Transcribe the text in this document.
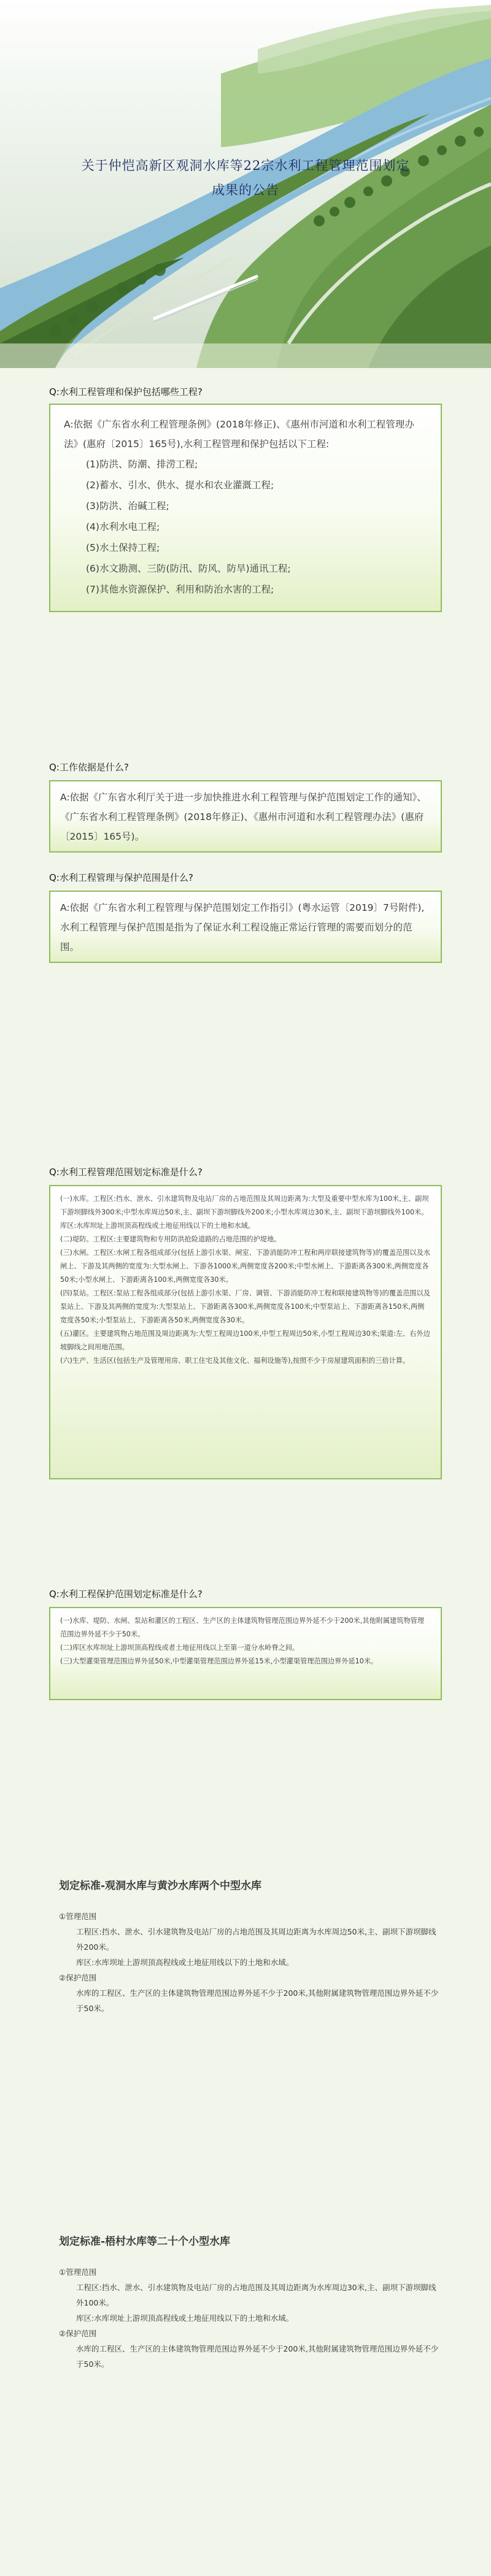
关于仲恺高新区观洞水库等22宗水利工程管理范围划定
成果的公告
Q:水利工程管理和保护包括哪些工程?

A:依据《广东省水利工程管理条例》(2018年修正)、《惠州市河道和水利工程管理办法》(惠府〔2015〕165号),水利工程管理和保护包括以下工程:

(1)防洪、防潮、排涝工程;

(2)蓄水、引水、供水、提水和农业灌溉工程;

(3)防洪、治碱工程;

(4)水利水电工程;

(5)水土保持工程;

(6)水文勘测、三防(防汛、防风、防旱)通讯工程;

(7)其他水资源保护、利用和防治水害的工程;

Q:工作依据是什么?

A:依据《广东省水利厅关于进一步加快推进水利工程管理与保护范围划定工作的通知》、《广东省水利工程管理条例》(2018年修正)、《惠州市河道和水利工程管理办法》(惠府〔2015〕165号)。

Q:水利工程管理与保护范围是什么?

A:依据《广东省水利工程管理与保护范围划定工作指引》(粤水运管〔2019〕7号附件),水利工程管理与保护范围是指为了保证水利工程设施正常运行管理的需要而划分的范围。

Q:水利工程管理范围划定标准是什么?

(一)水库。工程区:挡水、泄水、引水建筑物及电站厂房的占地范围及其周边距离为:大型及重要中型水库为100米,主、副坝下游坝脚线外300米;中型水库周边50米,主、副坝下游坝脚线外200米;小型水库周边30米,主、副坝下游坝脚线外100米。库区:水库坝址上游坝顶高程线或土地征用线以下的土地和水域。

(二)堤防。工程区:主要建筑物和专用防洪抢险道路的占地范围的护堤地。

(三)水闸。工程区:水闸工程各组成部分(包括上游引水渠、闸室、下游消能防冲工程和两岸联接建筑物等)的覆盖范围以及水闸上、下游及其两侧的宽度为:大型水闸上、下游各1000米,两侧宽度各200米;中型水闸上、下游距离各300米,两侧宽度各50米;小型水闸上、下游距离各100米,两侧宽度各30米。

(四)泵站。工程区:泵站工程各组成部分(包括上游引水渠、厂房、调管、下游消能防冲工程和联接建筑物等)的覆盖范围以及泵站上、下游及其两侧的宽度为:大型泵站上、下游距离各300米,两侧宽度各100米;中型泵站上、下游距离各150米,两侧宽度各50米;小型泵站上、下游距离各50米,两侧宽度各30米。

(五)灌区。主要建筑物占地范围及周边距离为:大型工程周边100米,中型工程周边50米,小型工程周边30米;渠道:左、右外边坡脚线之间用地范围。

(六)生产、生活区(包括生产及管理用房、职工住宅及其他文化、福利设施等),按照不少于房屋建筑面积的三倍计算。

Q:水利工程保护范围划定标准是什么?

(一)水库、堤防、水闸、泵站和灌区的工程区、生产区的主体建筑物管理范围边界外延不少于200米,其他附属建筑物管理范围边界外延不少于50米。

(二)库区水库坝址上游坝顶高程线或者土地征用线以上至第一道分水岭脊之间。

(三)大型灌渠管理范围边界外延50米,中型灌渠管理范围边界外延15米,小型灌渠管理范围边界外延10米。

划定标准-观洞水库与黄沙水库两个中型水库

①管理范围

工程区:挡水、泄水、引水建筑物及电站厂房的占地范围及其周边距离为水库周边50米,主、副坝下游坝脚线外200米。

库区:水库坝址上游坝顶高程线或土地征用线以下的土地和水域。

②保护范围

水库的工程区、生产区的主体建筑物管理范围边界外延不少于200米,其他附属建筑物管理范围边界外延不少于50米。

划定标准-梧村水库等二十个小型水库

①管理范围

工程区:挡水、泄水、引水建筑物及电站厂房的占地范围及其周边距离为水库周边30米,主、副坝下游坝脚线外100米。

库区:水库坝址上游坝顶高程线或土地征用线以下的土地和水域。

②保护范围

水库的工程区、生产区的主体建筑物管理范围边界外延不少于200米,其他附属建筑物管理范围边界外延不少于50米。
